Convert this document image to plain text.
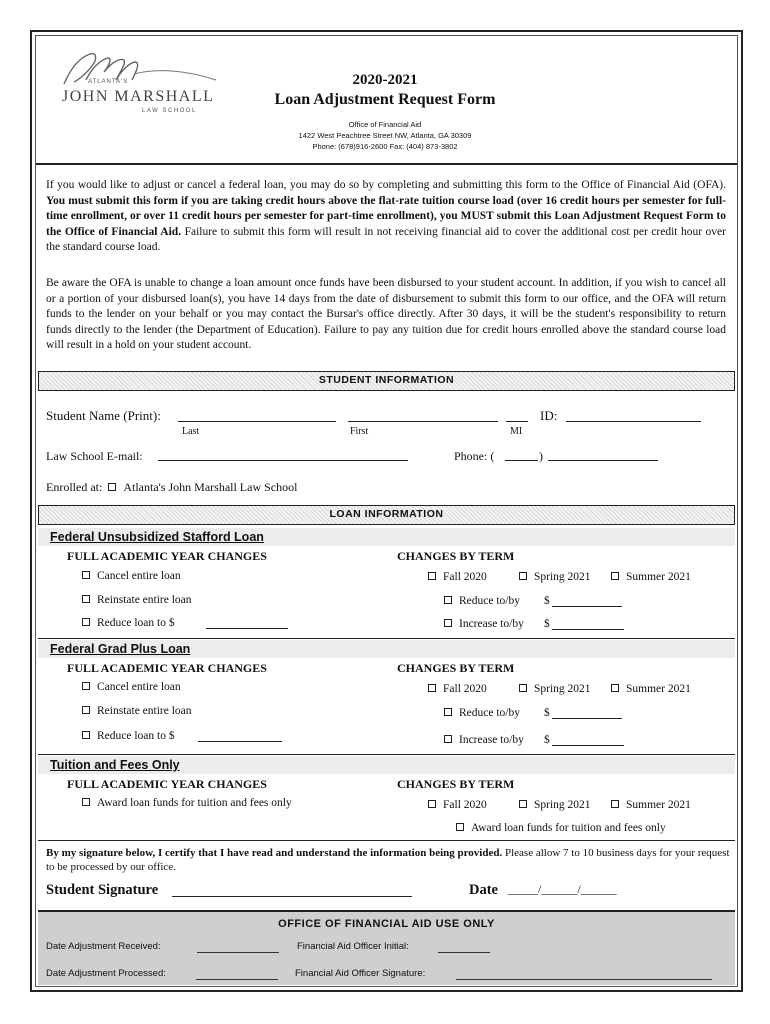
ATLANTA'S
JOHN MARSHALL
LAW SCHOOL
2020-2021
Loan Adjustment Request Form
Office of Financial Aid
1422 West Peachtree Street NW, Atlanta, GA 30309
Phone: (678)916-2600 Fax: (404) 873-3802
If you would like to adjust or cancel a federal loan, you may do so by completing and submitting this form to the Office of Financial Aid (OFA). You must submit this form if you are taking credit hours above the flat-rate tuition course load (over 16 credit hours per semester for full-time enrollment, or over 11 credit hours per semester for part-time enrollment), you MUST submit this Loan Adjustment Request Form to the Office of Financial Aid. Failure to submit this form will result in not receiving financial aid to cover the additional cost per credit hour over the standard course load.
Be aware the OFA is unable to change a loan amount once funds have been disbursed to your student account. In addition, if you wish to cancel all or a portion of your disbursed loan(s), you have 14 days from the date of disbursement to submit this form to our office, and the OFA will return funds to the lender on your behalf or you may contact the Bursar's office directly. After 30 days, it will be the student's responsibility to return funds directly to the lender (the Department of Education). Failure to pay any tuition due for credit hours enrolled above the standard course load will result in a hold on your student account.
STUDENT INFORMATION
Student Name (Print):	ID:
Last	First	MI
Law School E-mail:	Phone: (	)
Enrolled at: Atlanta's John Marshall Law School
LOAN INFORMATION
Federal Unsubsidized Stafford Loan
FULL ACADEMIC YEAR CHANGES	CHANGES BY TERM
Cancel entire loan
Reinstate entire loan
Reduce loan to $
Fall 2020	Spring 2021	Summer 2021
Reduce to/by $
Increase to/by $
Federal Grad Plus Loan
FULL ACADEMIC YEAR CHANGES	CHANGES BY TERM
Cancel entire loan
Reinstate entire loan
Reduce loan to $
Fall 2020	Spring 2021	Summer 2021
Reduce to/by $
Increase to/by $
Tuition and Fees Only
FULL ACADEMIC YEAR CHANGES	CHANGES BY TERM
Award loan funds for tuition and fees only	Fall 2020	Spring 2021	Summer 2021
Award loan funds for tuition and fees only
By my signature below, I certify that I have read and understand the information being provided. Please allow 7 to 10 business days for your request to be processed by our office.
Student Signature	Date _____/______/______
OFFICE OF FINANCIAL AID USE ONLY
Date Adjustment Received:	Financial Aid Officer Initial:
Date Adjustment Processed:	Financial Aid Officer Signature:
